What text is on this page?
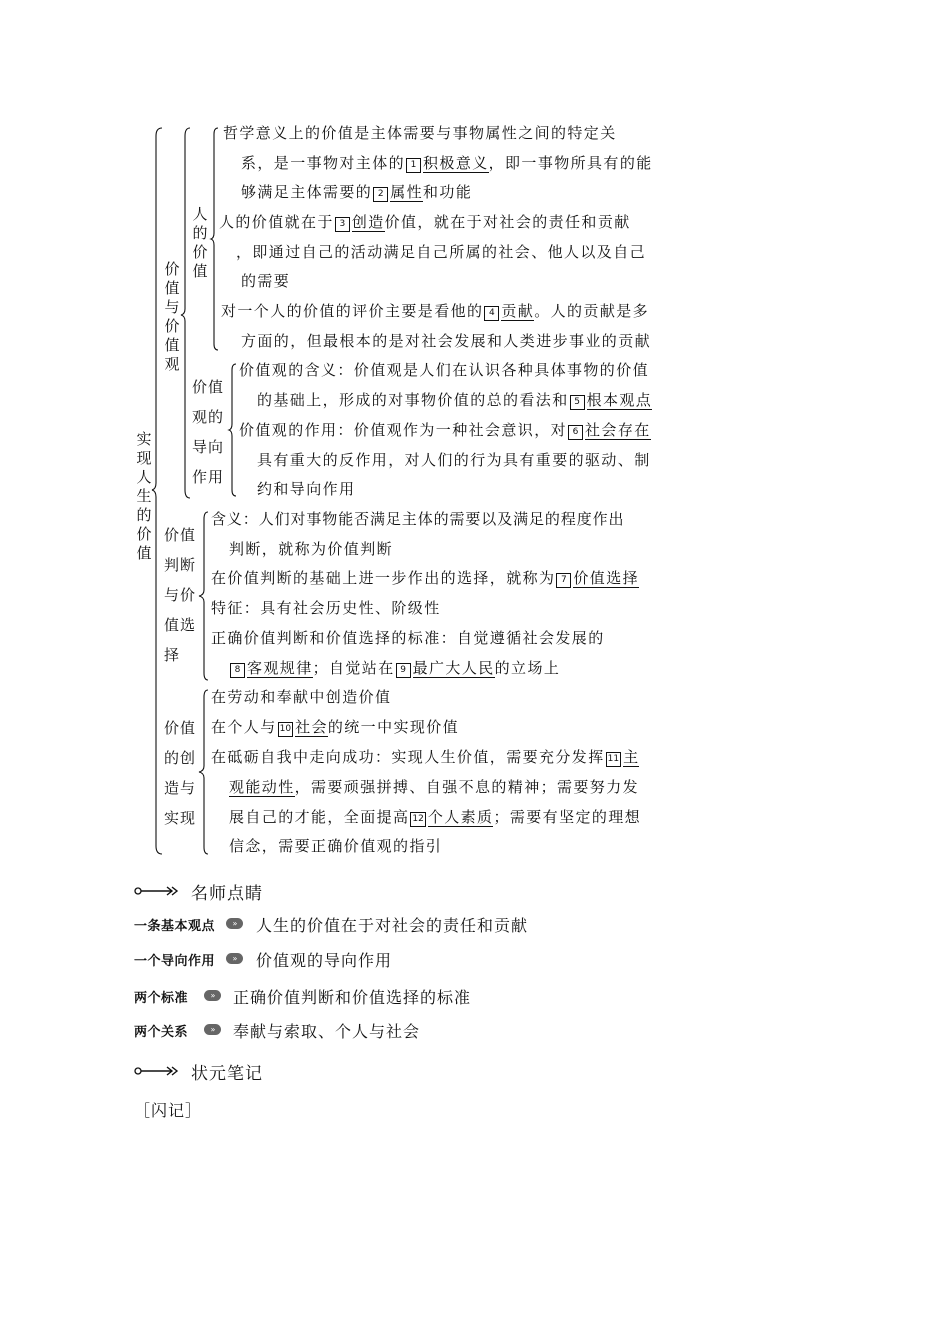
实现人生的价值
价值与价值观
人的价值
价值
观的
导向
作用
价值
判断
与价
值选
择
价值
的创
造与
实现
哲学意义上的价值是主体需要与事物属性之间的特定关
系，是一事物对主体的 1 积极意义，即一事物所具有的能
够满足主体需要的 2 属性和功能
人的价值就在于 3 创造价值，就在于对社会的责任和贡献
，即通过自己的活动满足自己所属的社会、他人以及自己
的需要
对一个人的价值的评价主要是看他的 4 贡献。人的贡献是多
方面的，但最根本的是对社会发展和人类进步事业的贡献
价值观的含义：价值观是人们在认识各种具体事物的价值
的基础上，形成的对事物价值的总的看法和 5 根本观点
价值观的作用：价值观作为一种社会意识，对 6 社会存在
具有重大的反作用，对人们的行为具有重要的驱动、制
约和导向作用
含义：人们对事物能否满足主体的需要以及满足的程度作出
判断，就称为价值判断
在价值判断的基础上进一步作出的选择，就称为 7 价值选择
特征：具有社会历史性、阶级性
正确价值判断和价值选择的标准：自觉遵循社会发展的
8 客观规律；自觉站在 9 最广大人民的立场上
在劳动和奉献中创造价值
在个人与 10 社会的统一中实现价值
在砥砺自我中走向成功：实现人生价值，需要充分发挥 11 主
观能动性，需要顽强拼搏、自强不息的精神；需要努力发
展自己的才能，全面提高 12 个人素质；需要有坚定的理想
信念，需要正确价值观的指引
名师点睛
一条基本观点	»	人生的价值在于对社会的责任和贡献
一个导向作用	»	价值观的导向作用
两个标准	»	正确价值判断和价值选择的标准
两个关系	»	奉献与索取、个人与社会
状元笔记
［闪记］
